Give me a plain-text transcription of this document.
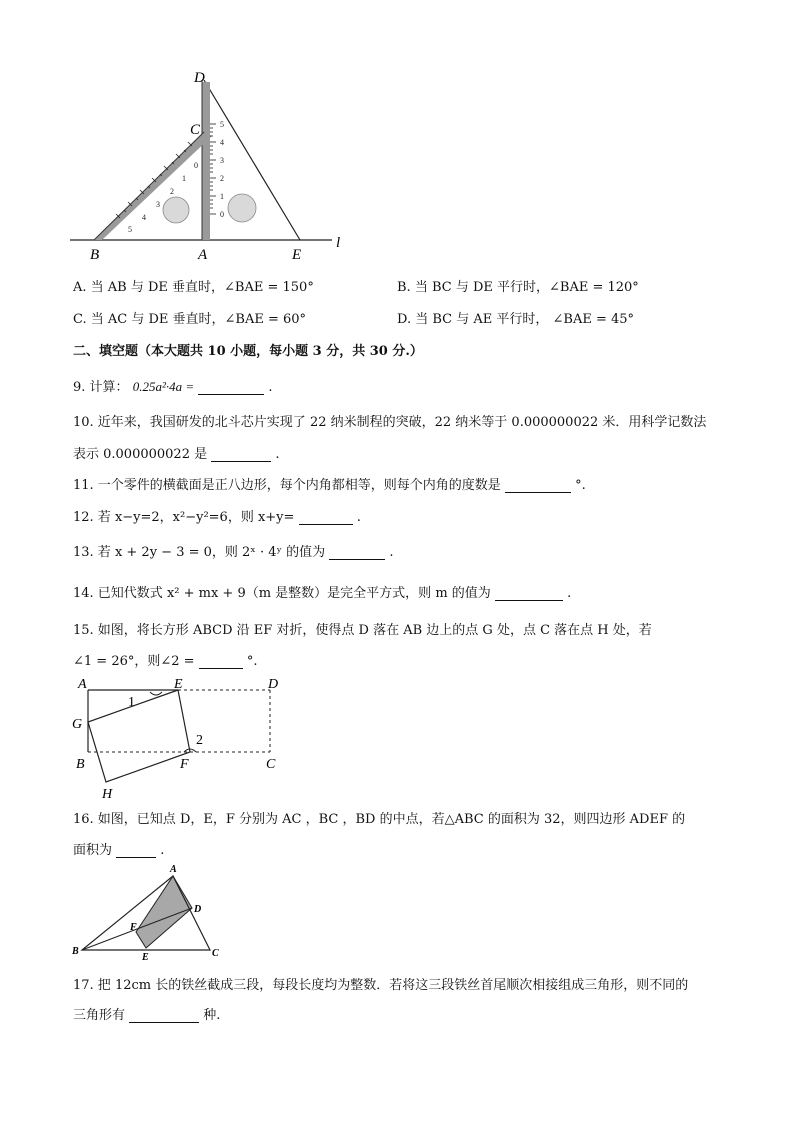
5
4
3
2
1
0
0
1
2
3
4
5
D
C
B	A	E
l
A. 当 AB 与 DE 垂直时，∠BAE = 150°	B. 当 BC 与 DE 平行时，∠BAE = 120°
C. 当 AC 与 DE 垂直时，∠BAE = 60°	D. 当 BC 与 AE 平行时， ∠BAE = 45°
二、填空题（本大题共 10 小题，每小题 3 分，共 30 分.）
9. 计算： 0.25a²·4a =	.
10. 近年来，我国研发的北斗芯片实现了 22 纳米制程的突破，22 纳米等于 0.000000022 米．用科学记数法
表示 0.000000022 是	.
11. 一个零件的横截面是正八边形，每个内角都相等，则每个内角的度数是	°.
12. 若 x−y=2，x²−y²=6，则 x+y=	.
13. 若 x + 2y − 3 = 0，则 2ˣ · 4ʸ 的值为	.
14. 已知代数式 x² + mx + 9（m 是整数）是完全平方式，则 m 的值为	.
15. 如图，将长方形 ABCD 沿 EF 对折，使得点 D 落在 AB 边上的点 G 处，点 C 落在点 H 处，若
∠1 = 26°，则∠2 =	°.
A	E	D
1
G
2
B	F	C
H
16. 如图，已知点 D，E，F 分别为 AC ，BC ，BD 的中点，若△ABC 的面积为 32，则四边形 ADEF 的
面积为	.
A
D
F
B
E	C
17. 把 12cm 长的铁丝截成三段，每段长度均为整数．若将这三段铁丝首尾顺次相接组成三角形，则不同的
三角形有	种.
